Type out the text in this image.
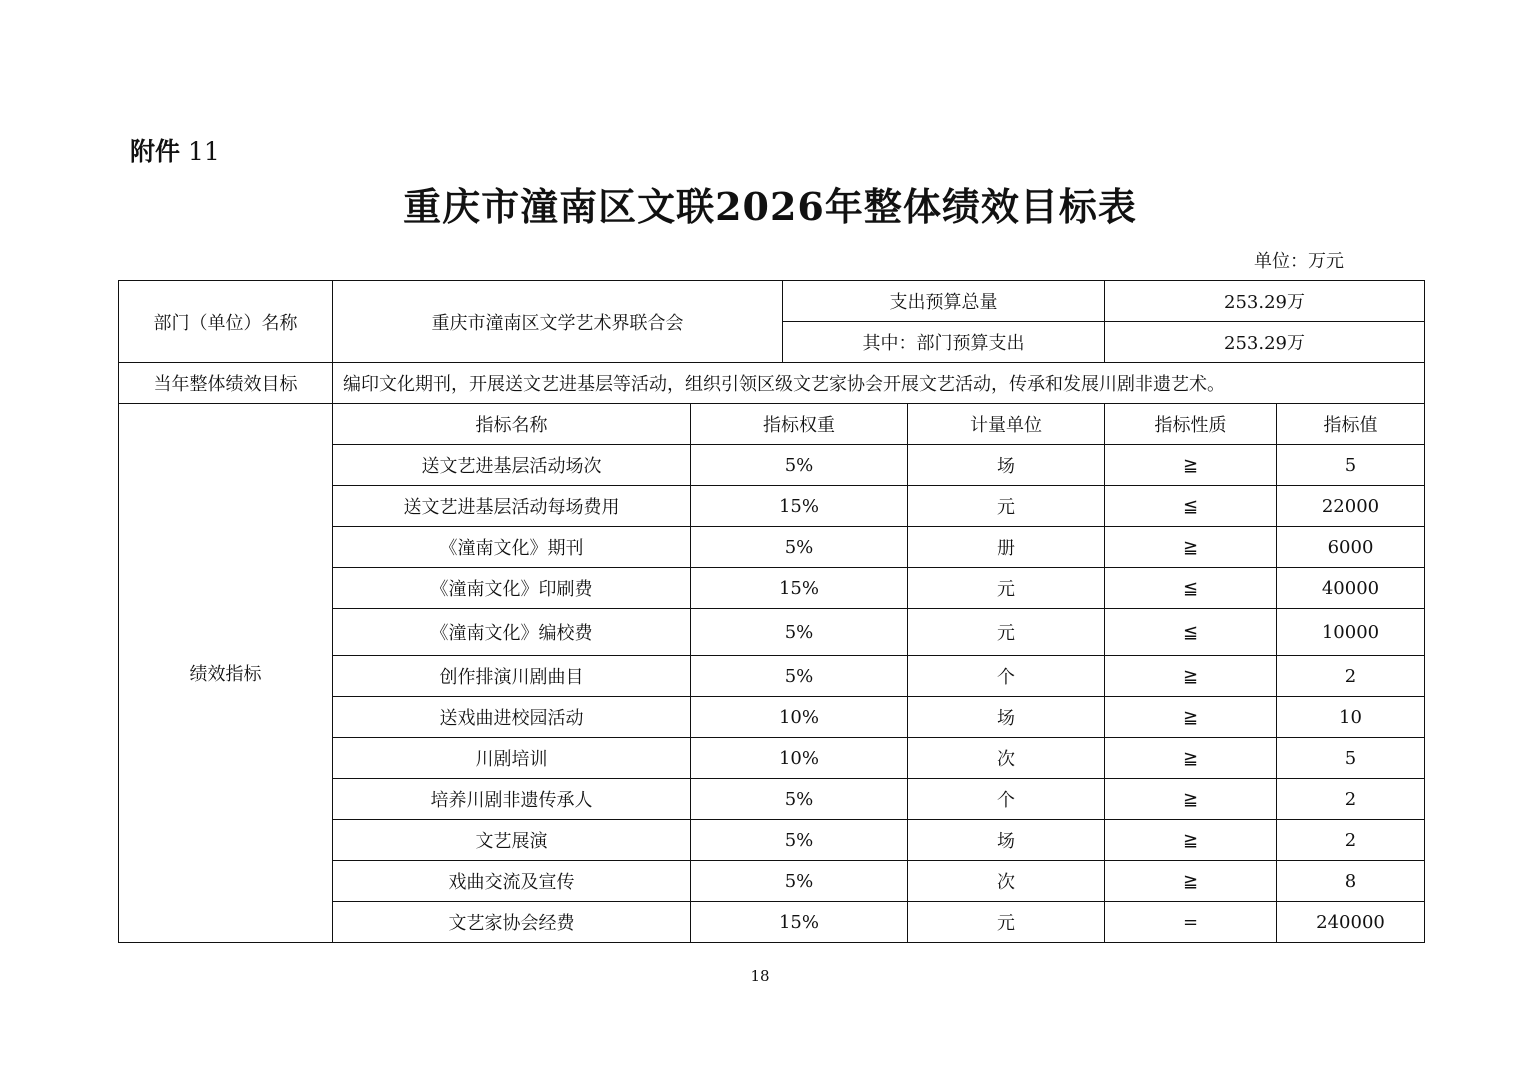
附件 11
重庆市潼南区文联2026年整体绩效目标表
单位：万元
部门（单位）名称	重庆市潼南区文学艺术界联合会
支出预算总量	253.29万
其中：部门预算支出	253.29万
当年整体绩效目标	编印文化期刊，开展送文艺进基层等活动，组织引领区级文艺家协会开展文艺活动，传承和发展川剧非遗艺术。
绩效指标
指标名称	指标权重	计量单位	指标性质	指标值
送文艺进基层活动场次	5%	场	≧	5
送文艺进基层活动每场费用	15%	元	≦	22000
《潼南文化》期刊	5%	册	≧	6000
《潼南文化》印刷费	15%	元	≦	40000
《潼南文化》编校费	5%	元	≦	10000
创作排演川剧曲目	5%	个	≧	2
送戏曲进校园活动	10%	场	≧	10
川剧培训	10%	次	≧	5
培养川剧非遗传承人	5%	个	≧	2
文艺展演	5%	场	≧	2
戏曲交流及宣传	5%	次	≧	8
文艺家协会经费	15%	元	=	240000
18
